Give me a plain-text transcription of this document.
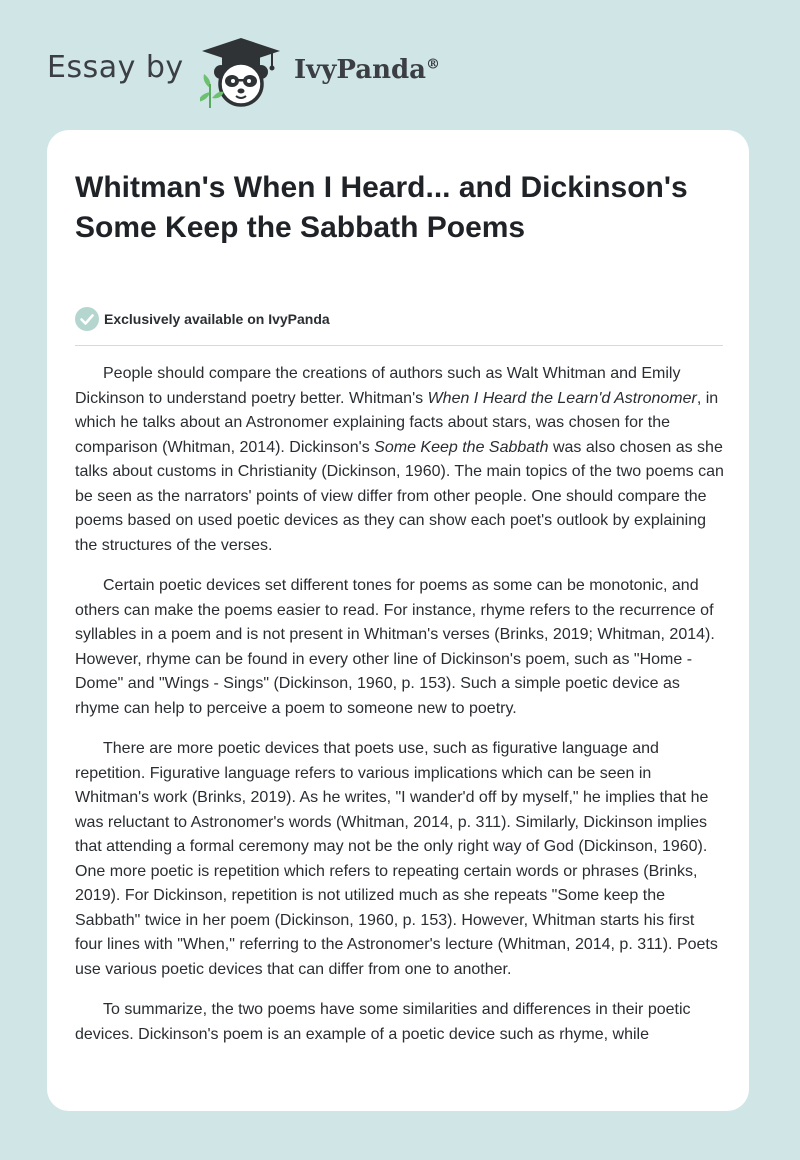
Essay by	IvyPanda®
Whitman's When I Heard... and Dickinson's Some Keep the Sabbath Poems
Exclusively available on IvyPanda

People should compare the creations of authors such as Walt Whitman and Emily Dickinson to understand poetry better. Whitman's When I Heard the Learn'd Astronomer, in which he talks about an Astronomer explaining facts about stars, was chosen for the comparison (Whitman, 2014). Dickinson's Some Keep the Sabbath was also chosen as she talks about customs in Christianity (Dickinson, 1960). The main topics of the two poems can be seen as the narrators' points of view differ from other people. One should compare the poems based on used poetic devices as they can show each poet's outlook by explaining the structures of the verses.

Certain poetic devices set different tones for poems as some can be monotonic, and others can make the poems easier to read. For instance, rhyme refers to the recurrence of syllables in a poem and is not present in Whitman's verses (Brinks, 2019; Whitman, 2014). However, rhyme can be found in every other line of Dickinson's poem, such as "Home - Dome" and "Wings - Sings" (Dickinson, 1960, p. 153). Such a simple poetic device as rhyme can help to perceive a poem to someone new to poetry.

There are more poetic devices that poets use, such as figurative language and repetition. Figurative language refers to various implications which can be seen in Whitman's work (Brinks, 2019). As he writes, "I wander'd off by myself," he implies that he was reluctant to Astronomer's words (Whitman, 2014, p. 311). Similarly, Dickinson implies that attending a formal ceremony may not be the only right way of God (Dickinson, 1960). One more poetic is repetition which refers to repeating certain words or phrases (Brinks, 2019). For Dickinson, repetition is not utilized much as she repeats "Some keep the Sabbath" twice in her poem (Dickinson, 1960, p. 153). However, Whitman starts his first four lines with "When," referring to the Astronomer's lecture (Whitman, 2014, p. 311). Poets use various poetic devices that can differ from one to another.

To summarize, the two poems have some similarities and differences in their poetic devices. Dickinson's poem is an example of a poetic device such as rhyme, while
